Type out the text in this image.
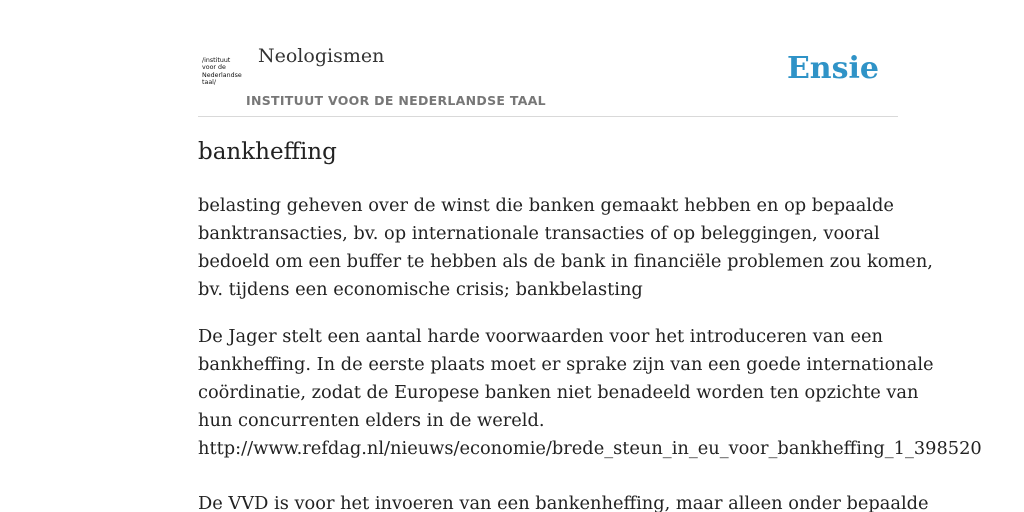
/instituut
voor de
Nederlandse
taal/
Neologismen
INSTITUUT VOOR DE NEDERLANDSE TAAL
Ensie
bankheffing

belasting geheven over de winst die banken gemaakt hebben en op bepaalde
banktransacties, bv. op internationale transacties of op beleggingen, vooral
bedoeld om een buffer te hebben als de bank in financiële problemen zou komen,
bv. tijdens een economische crisis; bankbelasting

De Jager stelt een aantal harde voorwaarden voor het introduceren van een
bankheffing. In de eerste plaats moet er sprake zijn van een goede internationale
coördinatie, zodat de Europese banken niet benadeeld worden ten opzichte van
hun concurrenten elders in de wereld.
http://www.refdag.nl/nieuws/economie/brede_steun_in_eu_voor_bankheffing_1_398520

De VVD is voor het invoeren van een bankenheffing, maar alleen onder bepaalde
